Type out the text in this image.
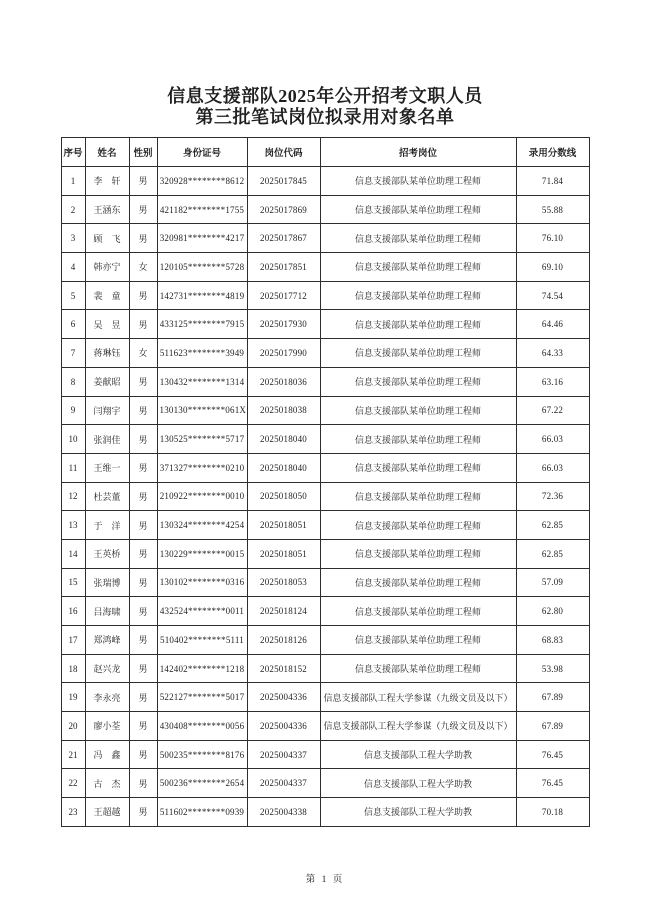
信息支援部队2025年公开招考文职人员
第三批笔试岗位拟录用对象名单
序号	姓名	性别	身份证号	岗位代码	招考岗位	录用分数线
1	李　轩	男	320928********8612	2025017845	信息支援部队某单位助理工程师	71.84
2	王涵东	男	421182********1755	2025017869	信息支援部队某单位助理工程师	55.88
3	顾　飞	男	320981********4217	2025017867	信息支援部队某单位助理工程师	76.10
4	韩亦宁	女	120105********5728	2025017851	信息支援部队某单位助理工程师	69.10
5	裴　童	男	142731********4819	2025017712	信息支援部队某单位助理工程师	74.54
6	吴　昱	男	433125********7915	2025017930	信息支援部队某单位助理工程师	64.46
7	蒋琳钰	女	511623********3949	2025017990	信息支援部队某单位助理工程师	64.33
8	姜献昭	男	130432********1314	2025018036	信息支援部队某单位助理工程师	63.16
9	闫翔宇	男	130130********061X	2025018038	信息支援部队某单位助理工程师	67.22
10	张润佳	男	130525********5717	2025018040	信息支援部队某单位助理工程师	66.03
11	王维一	男	371327********0210	2025018040	信息支援部队某单位助理工程师	66.03
12	杜芸董	男	210922********0010	2025018050	信息支援部队某单位助理工程师	72.36
13	于　洋	男	130324********4254	2025018051	信息支援部队某单位助理工程师	62.85
14	王英桥	男	130229********0015	2025018051	信息支援部队某单位助理工程师	62.85
15	张瑞博	男	130102********0316	2025018053	信息支援部队某单位助理工程师	57.09
16	吕海啸	男	432524********0011	2025018124	信息支援部队某单位助理工程师	62.80
17	郑鸿峰	男	510402********5111	2025018126	信息支援部队某单位助理工程师	68.83
18	赵兴龙	男	142402********1218	2025018152	信息支援部队某单位助理工程师	53.98
19	李永亮	男	522127********5017	2025004336	信息支援部队工程大学参谋（九级文员及以下）	67.89
20	廖小荃	男	430408********0056	2025004336	信息支援部队工程大学参谋（九级文员及以下）	67.89
21	冯　鑫	男	500235********8176	2025004337	信息支援部队工程大学助教	76.45
22	古　杰	男	500236********2654	2025004337	信息支援部队工程大学助教	76.45
23	王超越	男	511602********0939	2025004338	信息支援部队工程大学助教	70.18
第 1 页
